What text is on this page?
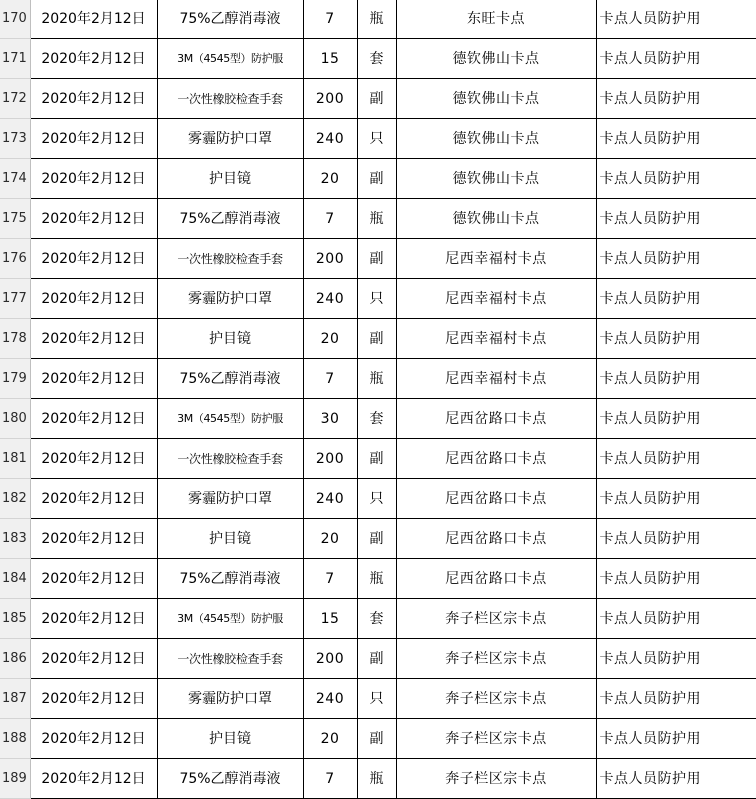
170	2020年2月12日	75%乙醇消毒液	7	瓶	东旺卡点	卡点人员防护用
171	2020年2月12日	3M（4545型）防护服	15	套	德钦佛山卡点	卡点人员防护用
172	2020年2月12日	一次性橡胶检查手套	200	副	德钦佛山卡点	卡点人员防护用
173	2020年2月12日	雾霾防护口罩	240	只	德钦佛山卡点	卡点人员防护用
174	2020年2月12日	护目镜	20	副	德钦佛山卡点	卡点人员防护用
175	2020年2月12日	75%乙醇消毒液	7	瓶	德钦佛山卡点	卡点人员防护用
176	2020年2月12日	一次性橡胶检查手套	200	副	尼西幸福村卡点	卡点人员防护用
177	2020年2月12日	雾霾防护口罩	240	只	尼西幸福村卡点	卡点人员防护用
178	2020年2月12日	护目镜	20	副	尼西幸福村卡点	卡点人员防护用
179	2020年2月12日	75%乙醇消毒液	7	瓶	尼西幸福村卡点	卡点人员防护用
180	2020年2月12日	3M（4545型）防护服	30	套	尼西岔路口卡点	卡点人员防护用
181	2020年2月12日	一次性橡胶检查手套	200	副	尼西岔路口卡点	卡点人员防护用
182	2020年2月12日	雾霾防护口罩	240	只	尼西岔路口卡点	卡点人员防护用
183	2020年2月12日	护目镜	20	副	尼西岔路口卡点	卡点人员防护用
184	2020年2月12日	75%乙醇消毒液	7	瓶	尼西岔路口卡点	卡点人员防护用
185	2020年2月12日	3M（4545型）防护服	15	套	奔子栏区宗卡点	卡点人员防护用
186	2020年2月12日	一次性橡胶检查手套	200	副	奔子栏区宗卡点	卡点人员防护用
187	2020年2月12日	雾霾防护口罩	240	只	奔子栏区宗卡点	卡点人员防护用
188	2020年2月12日	护目镜	20	副	奔子栏区宗卡点	卡点人员防护用
189	2020年2月12日	75%乙醇消毒液	7	瓶	奔子栏区宗卡点	卡点人员防护用
